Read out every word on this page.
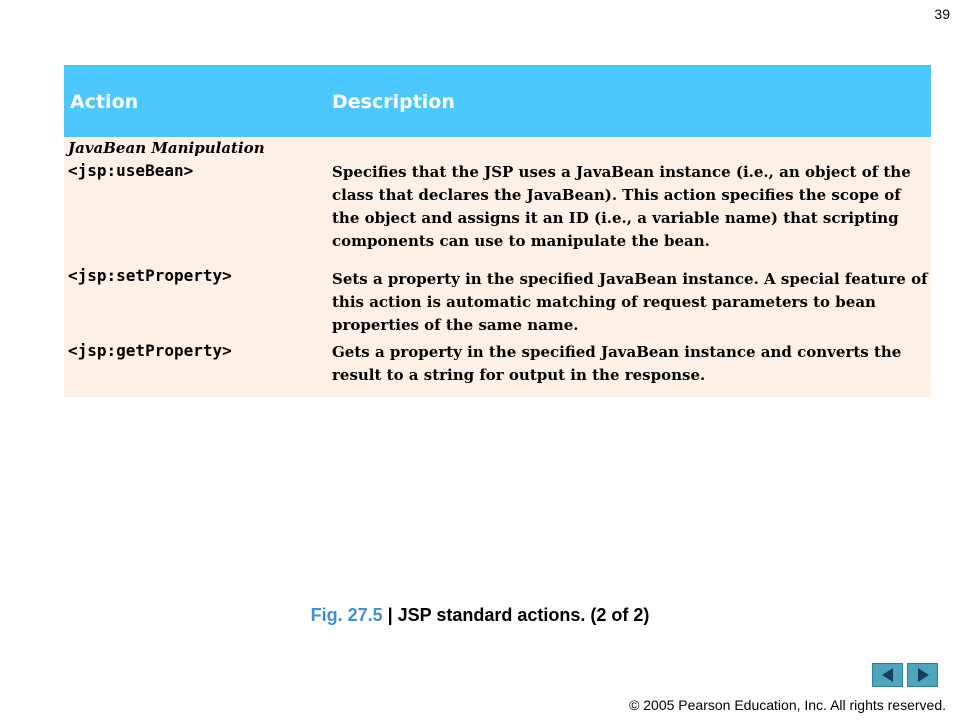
39
Action	Description
JavaBean Manipulation
<jsp:useBean>	Specifies that the JSP uses a JavaBean instance (i.e., an object of the class that declares the JavaBean). This action specifies the scope of the object and assigns it an ID (i.e., a variable name) that scripting components can use to manipulate the bean.
<jsp:setProperty>	Sets a property in the specified JavaBean instance. A special feature of this action is automatic matching of request parameters to bean properties of the same name.
<jsp:getProperty>	Gets a property in the specified JavaBean instance and converts the result to a string for output in the response.
Fig. 27.5 | JSP standard actions. (2 of 2)
© 2005 Pearson Education, Inc. All rights reserved.
